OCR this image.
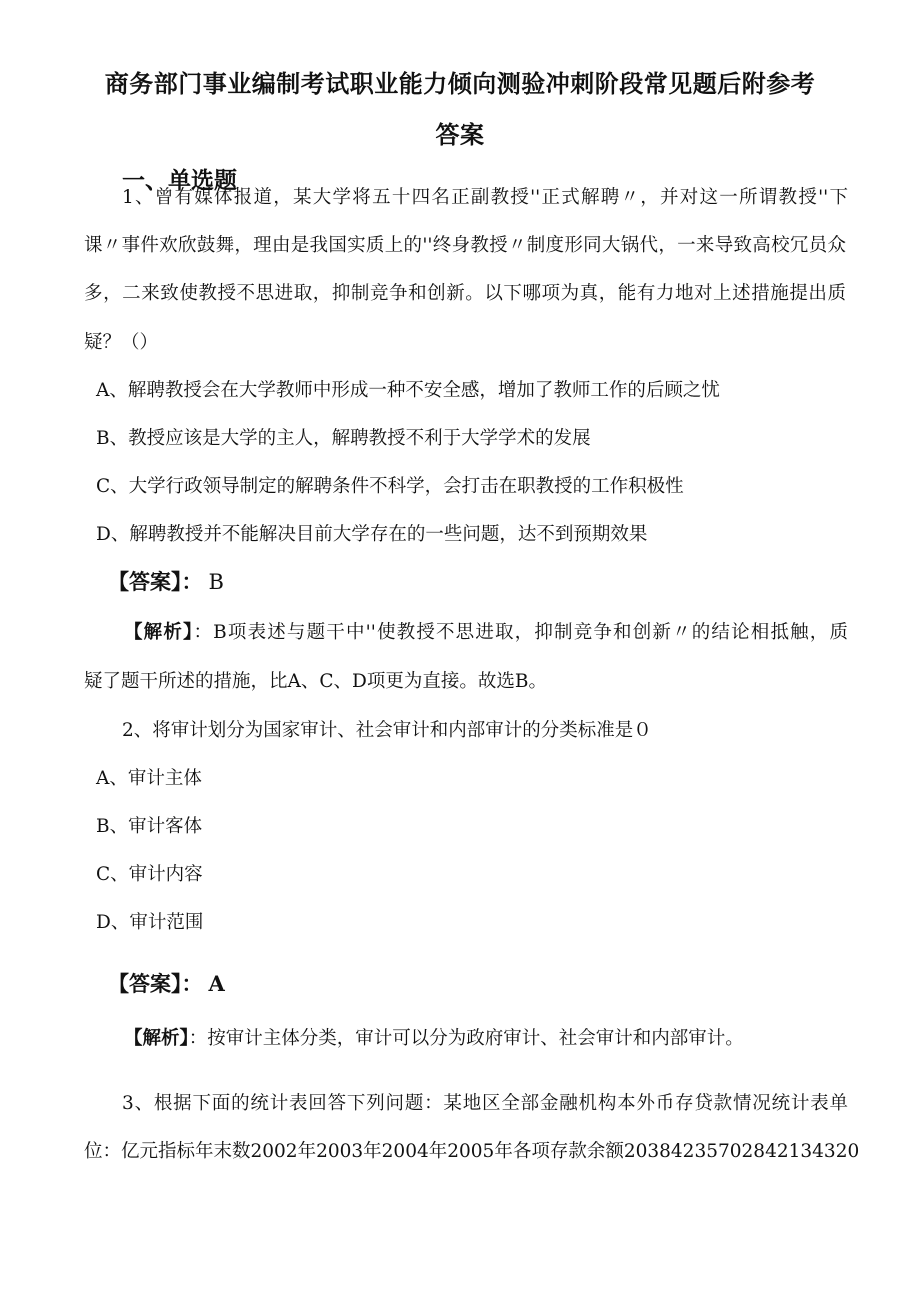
商务部门事业编制考试职业能力倾向测验冲刺阶段常见题后附参考
答案
一、单选题

1、曾有媒体报道，某大学将五十四名正副教授''正式解聘〃，并对这一所谓教授''下

课〃事件欢欣鼓舞，理由是我国实质上的''终身教授〃制度形同大锅代，一来导致高校冗员众

多，二来致使教授不思进取，抑制竞争和创新。以下哪项为真，能有力地对上述措施提出质

疑？（）

A、解聘教授会在大学教师中形成一种不安全感，增加了教师工作的后顾之忧

B、教授应该是大学的主人，解聘教授不利于大学学术的发展

C、大学行政领导制定的解聘条件不科学，会打击在职教授的工作积极性

D、解聘教授并不能解决目前大学存在的一些问题，达不到预期效果

【答案】： B

【解析】：B项表述与题干中''使教授不思进取，抑制竞争和创新〃的结论相抵触，质

疑了题干所述的措施，比A、C、D项更为直接。故选B。

2、将审计划分为国家审计、社会审计和内部审计的分类标准是０

A、审计主体

B、审计客体

C、审计内容

D、审计范围

【答案】： A

【解析】：按审计主体分类，审计可以分为政府审计、社会审计和内部审计。

3、根据下面的统计表回答下列问题：某地区全部金融机构本外币存贷款情况统计表单

位：亿元指标年末数2002年2003年2004年2005年各项存款余额20384235702842134320
